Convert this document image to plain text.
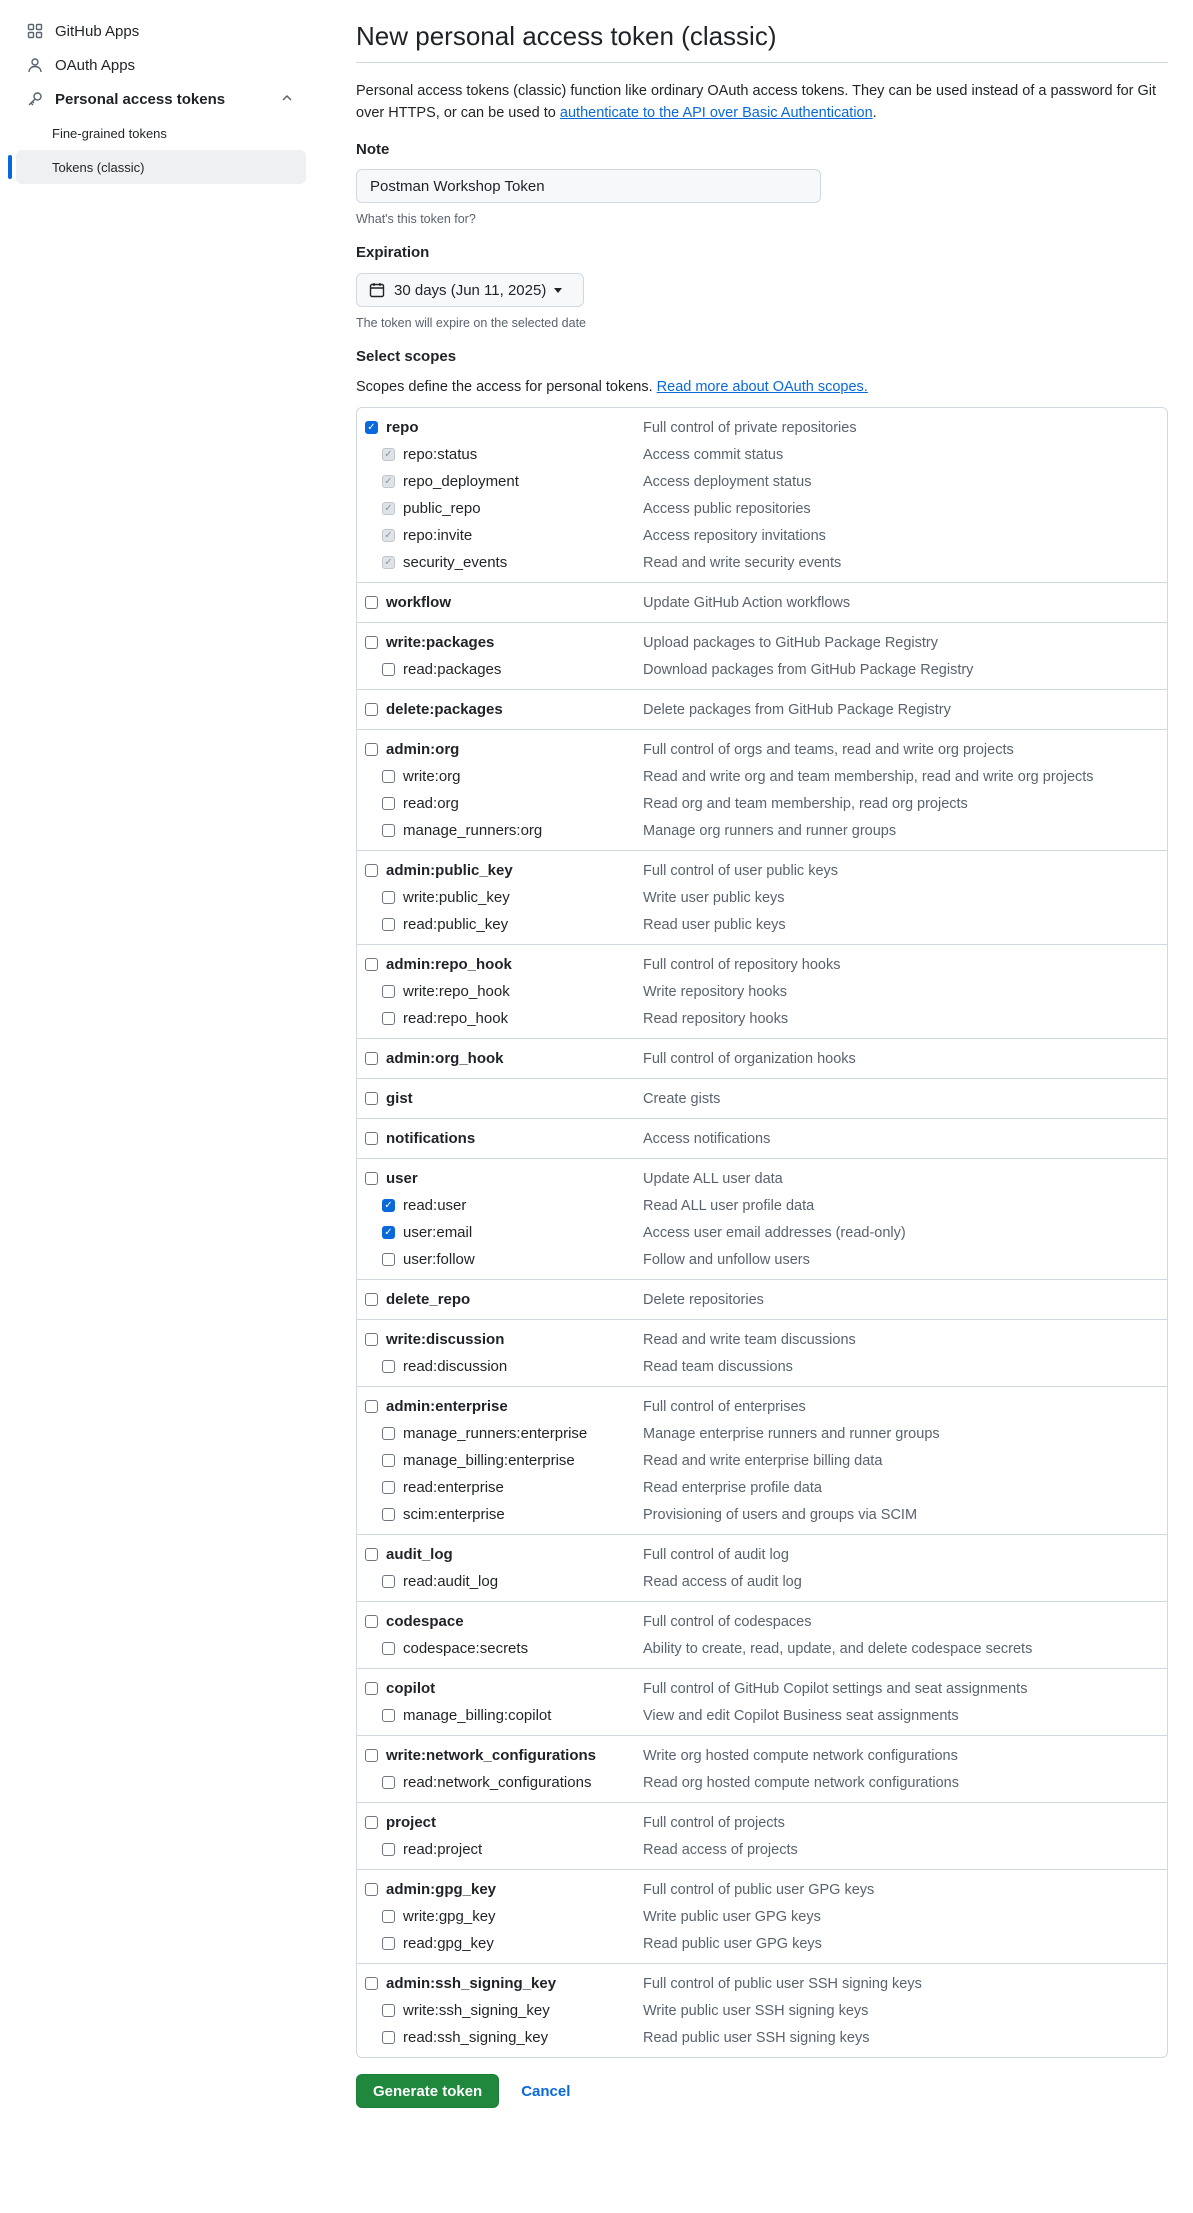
GitHub Apps
OAuth Apps
Personal access tokens
Fine-grained tokens
Tokens (classic)
New personal access token (classic)

Personal access tokens (classic) function like ordinary OAuth access tokens. They can be used instead of a password for Git over HTTPS, or can be used to authenticate to the API over Basic Authentication.

Note
Postman Workshop Token
What's this token for?
Expiration
30 days (Jun 11, 2025)
The token will expire on the selected date
Select scopes

Scopes define the access for personal tokens. Read more about OAuth scopes.

✓
repo	Full control of private repositories
✓
repo:status	Access commit status
✓
repo_deployment	Access deployment status
✓
public_repo	Access public repositories
✓
repo:invite	Access repository invitations
✓
security_events	Read and write security events
workflow	Update GitHub Action workflows
write:packages	Upload packages to GitHub Package Registry
read:packages	Download packages from GitHub Package Registry
delete:packages	Delete packages from GitHub Package Registry
admin:org	Full control of orgs and teams, read and write org projects
write:org	Read and write org and team membership, read and write org projects
read:org	Read org and team membership, read org projects
manage_runners:org	Manage org runners and runner groups
admin:public_key	Full control of user public keys
write:public_key	Write user public keys
read:public_key	Read user public keys
admin:repo_hook	Full control of repository hooks
write:repo_hook	Write repository hooks
read:repo_hook	Read repository hooks
admin:org_hook	Full control of organization hooks
gist	Create gists
notifications	Access notifications
user	Update ALL user data
✓
read:user	Read ALL user profile data
✓
user:email	Access user email addresses (read-only)
user:follow	Follow and unfollow users
delete_repo	Delete repositories
write:discussion	Read and write team discussions
read:discussion	Read team discussions
admin:enterprise	Full control of enterprises
manage_runners:enterprise	Manage enterprise runners and runner groups
manage_billing:enterprise	Read and write enterprise billing data
read:enterprise	Read enterprise profile data
scim:enterprise	Provisioning of users and groups via SCIM
audit_log	Full control of audit log
read:audit_log	Read access of audit log
codespace	Full control of codespaces
codespace:secrets	Ability to create, read, update, and delete codespace secrets
copilot	Full control of GitHub Copilot settings and seat assignments
manage_billing:copilot	View and edit Copilot Business seat assignments
write:network_configurations	Write org hosted compute network configurations
read:network_configurations	Read org hosted compute network configurations
project	Full control of projects
read:project	Read access of projects
admin:gpg_key	Full control of public user GPG keys
write:gpg_key	Write public user GPG keys
read:gpg_key	Read public user GPG keys
admin:ssh_signing_key	Full control of public user SSH signing keys
write:ssh_signing_key	Write public user SSH signing keys
read:ssh_signing_key	Read public user SSH signing keys
Generate token	Cancel
